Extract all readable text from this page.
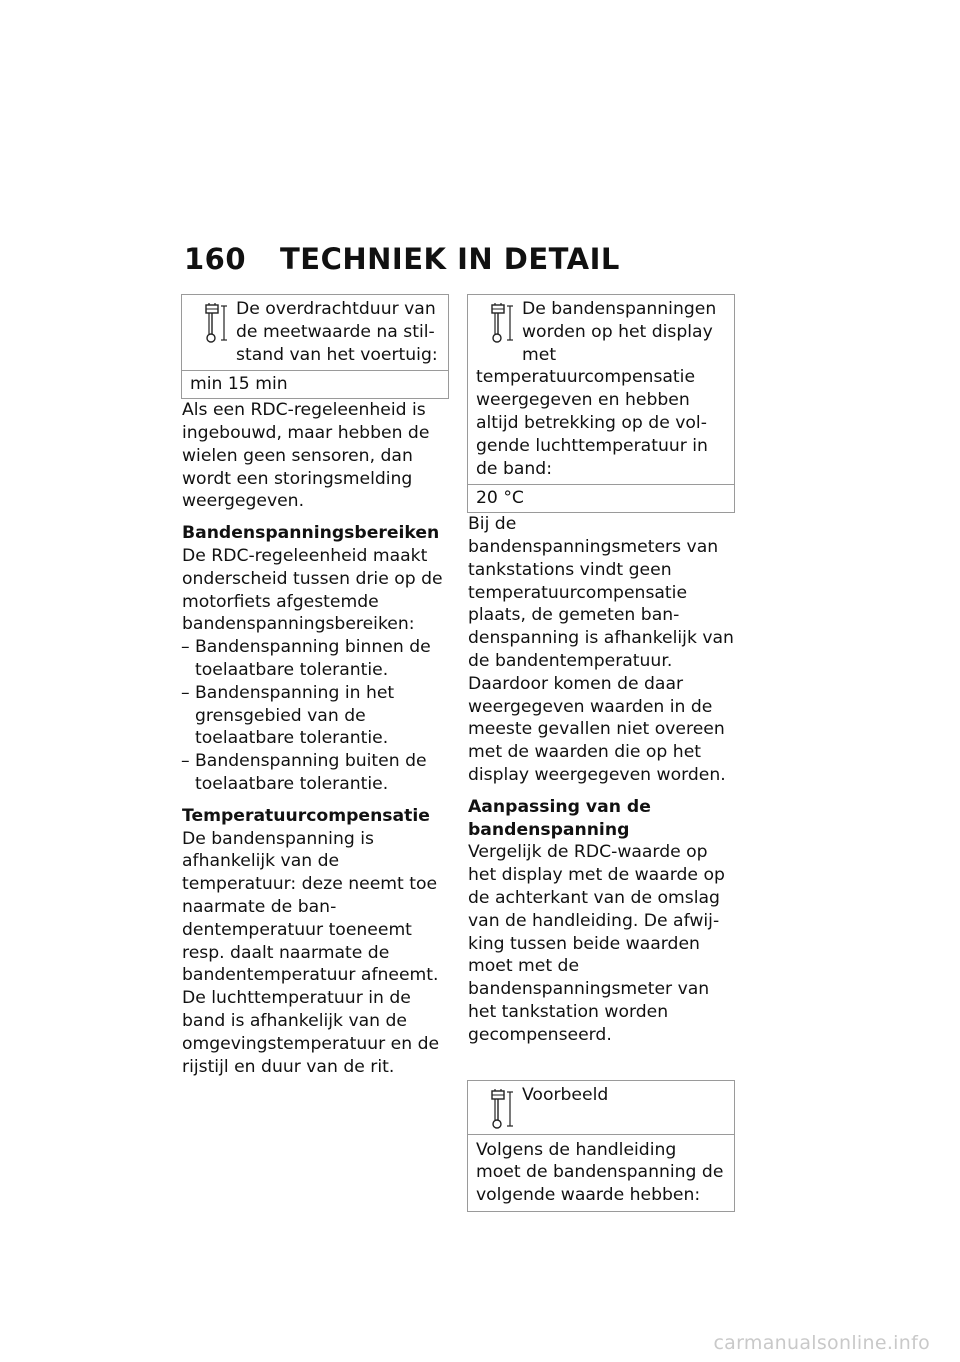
160	TECHNIEK IN DETAIL
De overdrachtduur van de meetwaarde na stilstand van het voertuig:
min 15 min

Als een RDC-regeleenheid is ingebouwd, maar hebben de wielen geen sensoren, dan wordt een storingsmelding weergegeven.

Bandenspanningsbereiken

De RDC-regeleenheid maakt onderscheid tussen drie op de motorfiets afgestemde bandenspanningsbereiken:

– Bandenspanning binnen de toelaatbare tolerantie.
– Bandenspanning in het grensgebied van de toelaatbare tolerantie.
– Bandenspanning buiten de toelaatbare tolerantie.

Temperatuurcompensatie

De bandenspanning is afhankelijk van de temperatuur: deze neemt toe naarmate de bandentemperatuur toeneemt resp. daalt naarmate de bandentemperatuur afneemt. De luchttemperatuur in de band is afhankelijk van de omgevingstemperatuur en de rijstijl en duur van de rit.

De bandenspanningen worden op het display met temperatuurcompensatie weergegeven en hebben altijd betrekking op de volgende luchttemperatuur in de band:
20 °C

Bij de bandenspanningsmeters van tankstations vindt geen temperatuurcompensatie plaats, de gemeten bandenspanning is afhankelijk van de bandentemperatuur. Daardoor komen de daar weergegeven waarden in de meeste gevallen niet overeen met de waarden die op het display weergegeven worden.

Aanpassing van de bandenspanning

Vergelijk de RDC-waarde op het display met de waarde op de achterkant van de omslag van de handleiding. De afwijking tussen beide waarden moet met de bandenspanningsmeter van het tankstation worden gecompenseerd.

Voorbeeld
Volgens de handleiding moet de bandenspanning de volgende waarde hebben:
carmanualsonline.info
